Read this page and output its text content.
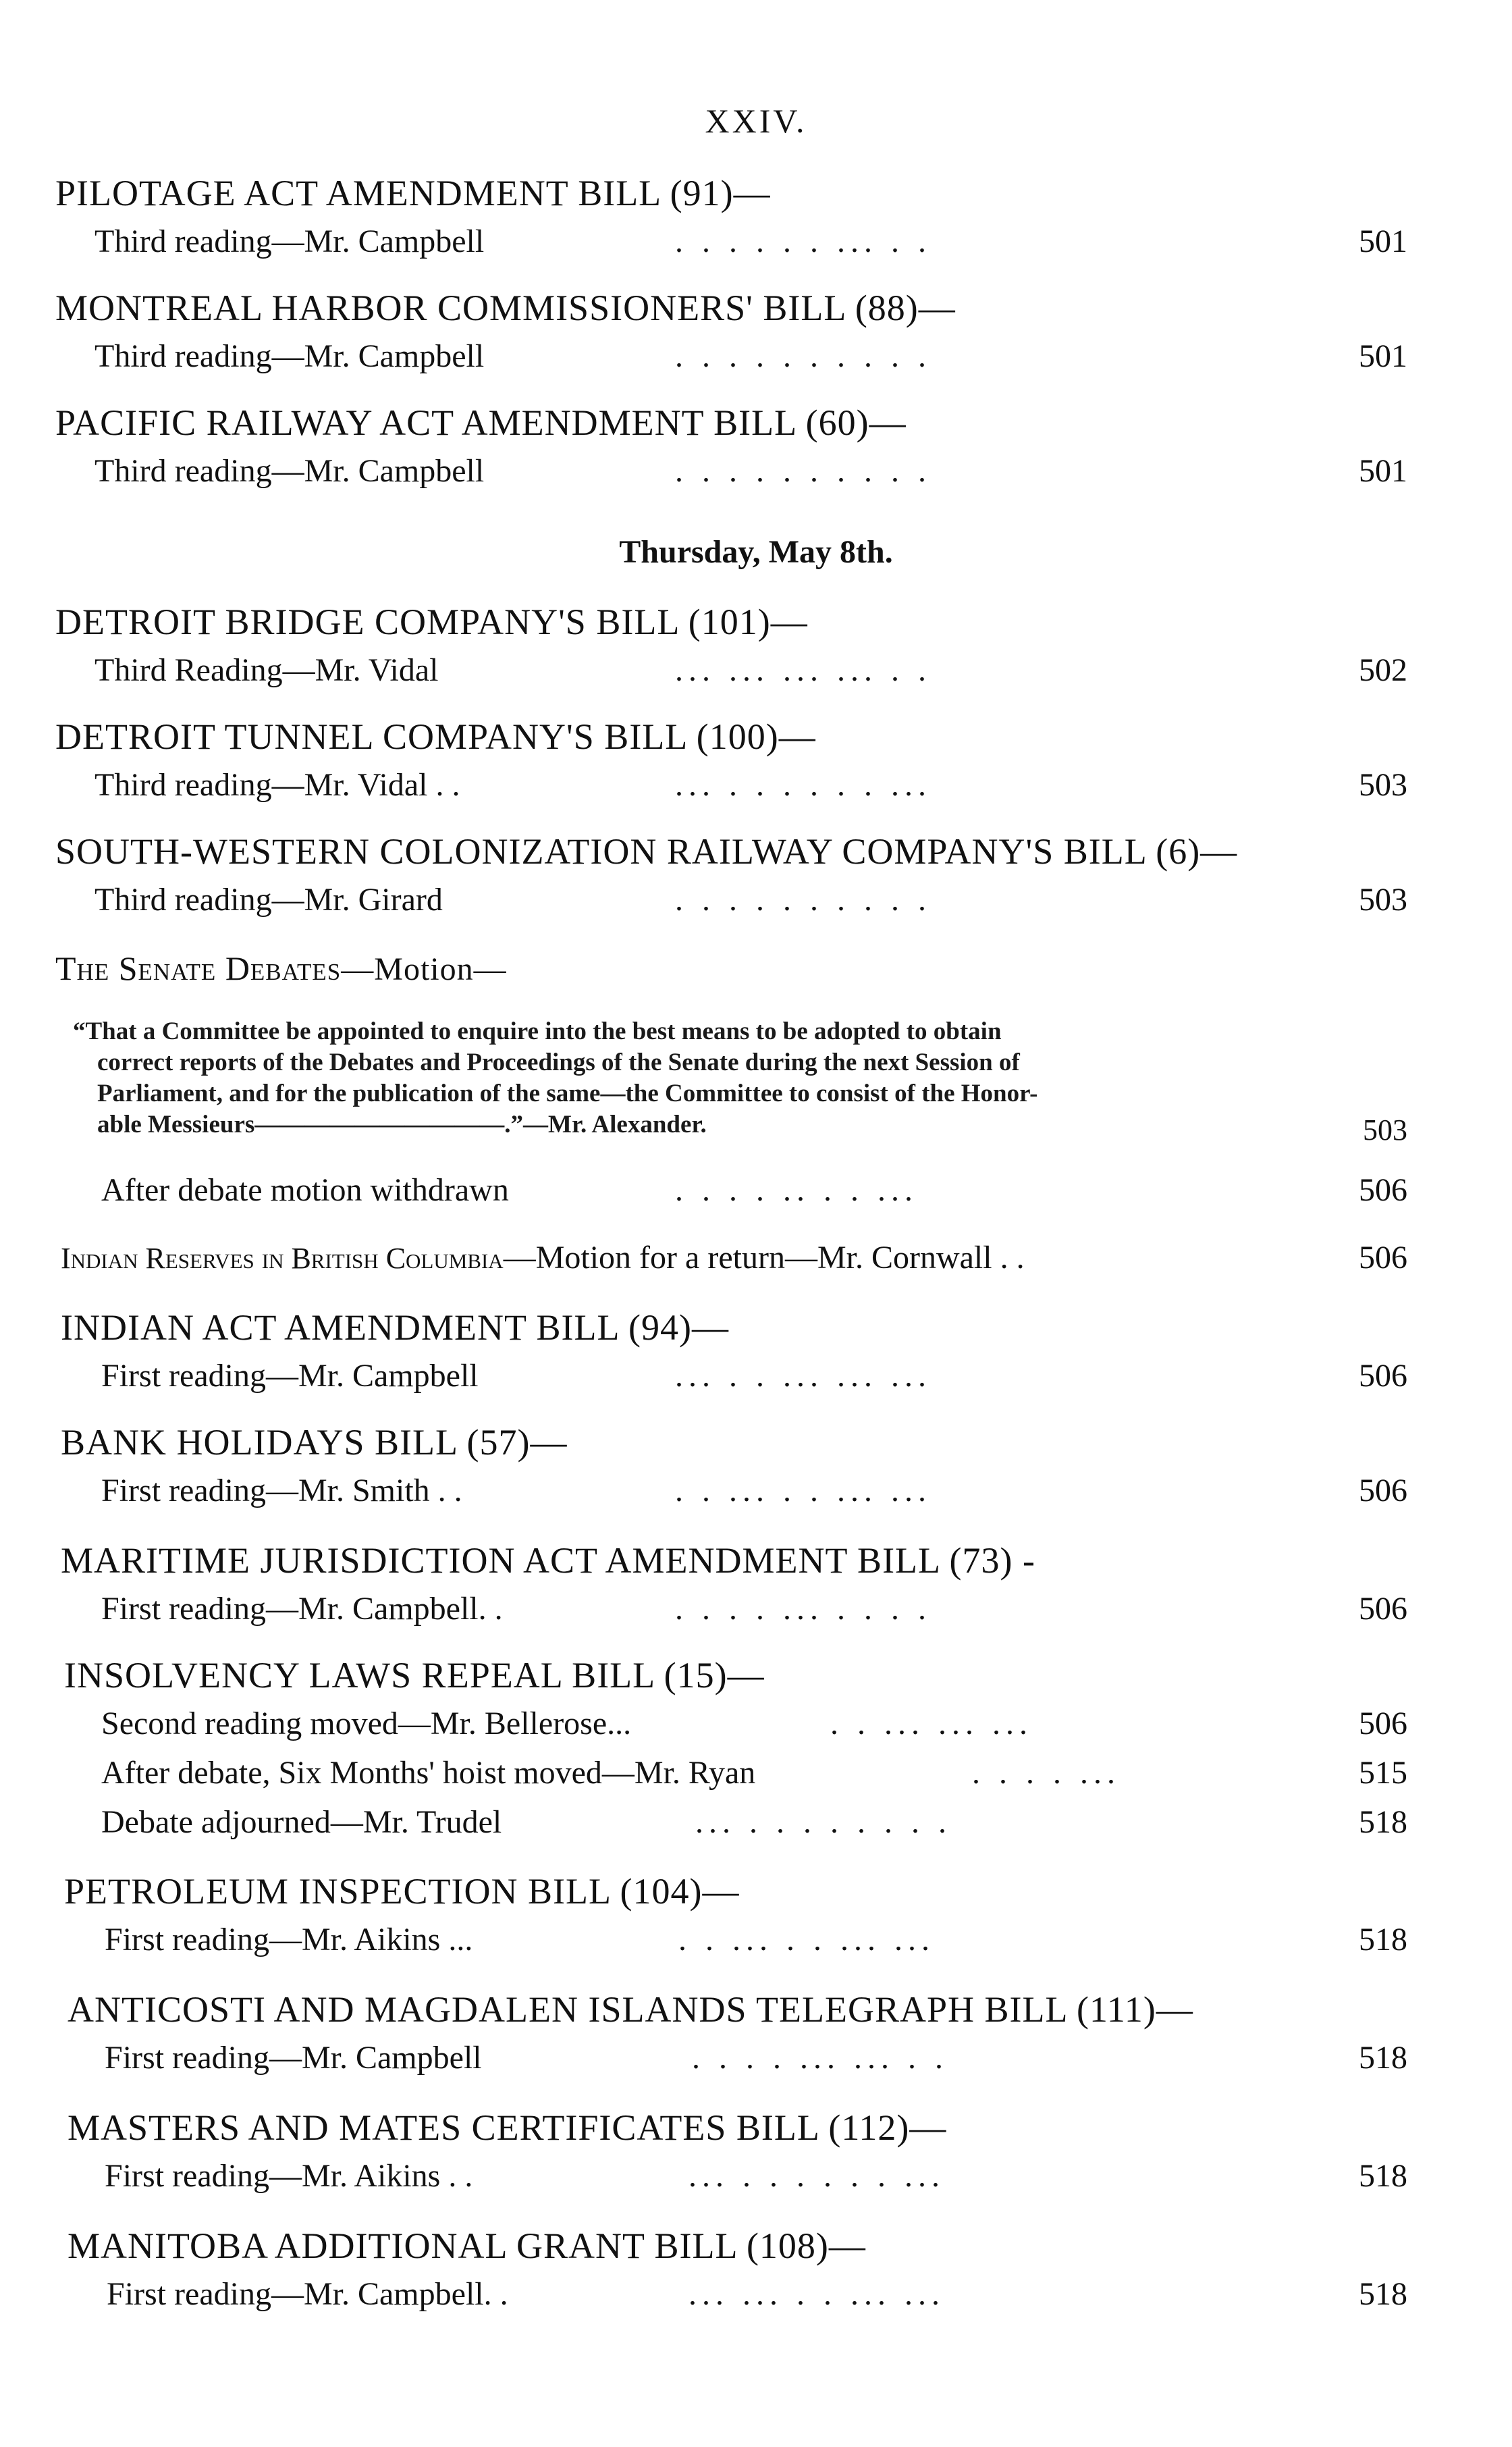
XXIV.
PILOTAGE ACT AMENDMENT BILL (91)—
Third reading—Mr. Campbell	. . . . . . ... . .	501
MONTREAL HARBOR COMMISSIONERS' BILL (88)—
Third reading—Mr. Campbell	. . . . . . . . . .	501
PACIFIC RAILWAY ACT AMENDMENT BILL (60)—
Third reading—Mr. Campbell	. . . . . . . . . .	501
Thursday, May 8th.
DETROIT BRIDGE COMPANY'S BILL (101)—
Third Reading—Mr. Vidal	... ... ... ... . .	502
DETROIT TUNNEL COMPANY'S BILL (100)—
Third reading—Mr. Vidal . .	... . . . . . . ...	503
SOUTH-WESTERN COLONIZATION RAILWAY COMPANY'S BILL (6)—
Third reading—Mr. Girard	. . . . . . . . . .	503
The Senate Debates—Motion—
“That a Committee be appointed to enquire into the best means to be adopted to obtain
correct reports of the Debates and Proceedings of the Senate during the next Session of
Parliament, and for the publication of the same—the Committee to consist of the Honor-
able Messieurs——————————.”—Mr. Alexander.	503
After debate motion withdrawn	. . . . .. . . ...	506
Indian Reserves in British Columbia—Motion for a return—Mr. Cornwall . .	506
INDIAN ACT AMENDMENT BILL (94)—
First reading—Mr. Campbell	... . . ... ... ...	506
BANK HOLIDAYS BILL (57)—
First reading—Mr. Smith . .	. . ... . . ... ...	506
MARITIME JURISDICTION ACT AMENDMENT BILL (73) -
First reading—Mr. Campbell. .	. . . . ... . . . .	506
INSOLVENCY LAWS REPEAL BILL (15)—
Second reading moved—Mr. Bellerose...	. . ... ... ...	506
After debate, Six Months' hoist moved—Mr. Ryan	. . . . ...	515
Debate adjourned—Mr. Trudel	... . . . . . . . .	518
PETROLEUM INSPECTION BILL (104)—
First reading—Mr. Aikins ...	. . ... . . ... ...	518
ANTICOSTI AND MAGDALEN ISLANDS TELEGRAPH BILL (111)—
First reading—Mr. Campbell	. . . . ... ... . .	518
MASTERS AND MATES CERTIFICATES BILL (112)—
First reading—Mr. Aikins . .	... . . . . . . ...	518
MANITOBA ADDITIONAL GRANT BILL (108)—
First reading—Mr. Campbell. .	... ... . . ... ...	518
